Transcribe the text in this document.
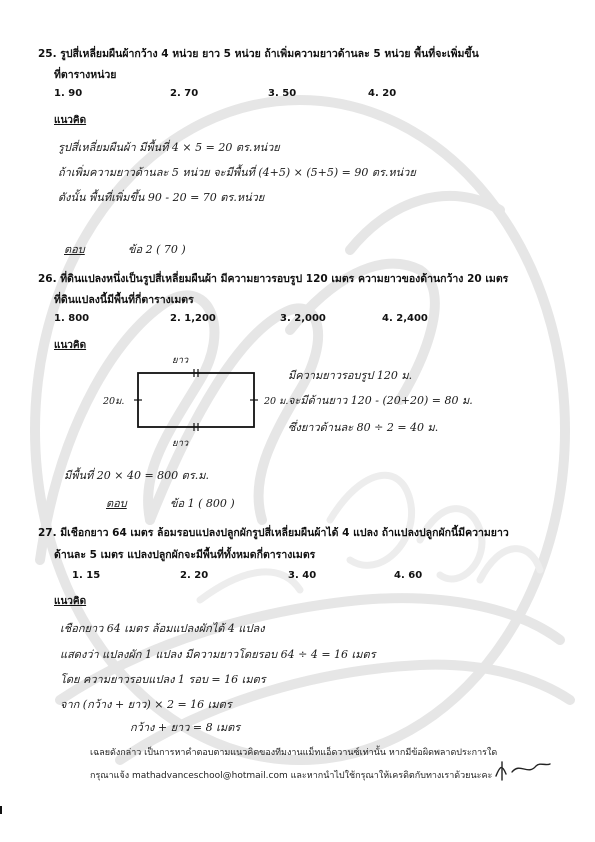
25. รูปสี่เหลี่ยมผืนผ้ากว้าง 4 หน่วย ยาว 5 หน่วย ถ้าเพิ่มความยาวด้านละ 5 หน่วย พื้นที่จะเพิ่มขึ้น
ที่ตารางหน่วย
1. 90	2. 70	3. 50	4. 20
แนวคิด
รูปสี่เหลี่ยมผืนผ้า มีพื้นที่ 4 × 5 = 20 ตร.หน่วย
ถ้าเพิ่มความยาวด้านละ 5 หน่วย จะมีพื้นที่ (4+5) × (5+5) = 90 ตร.หน่วย
ดังนั้น พื้นที่เพิ่มขึ้น 90 - 20 = 70 ตร.หน่วย
ตอบ	ข้อ 2 ( 70 )
26. ที่ดินแปลงหนึ่งเป็นรูปสี่เหลี่ยมผืนผ้า มีความยาวรอบรูป 120 เมตร ความยาวของด้านกว้าง 20 เมตร
ที่ดินแปลงนี้มีพื้นที่กี่ตารางเมตร
1. 800	2. 1,200	3. 2,000	4. 2,400
แนวคิด
ยาว
ยาว
20ม.	20 ม.
มีความยาวรอบรูป 120 ม.
จะมีด้านยาว 120 - (20+20) = 80 ม.
ซึ่งยาวด้านละ 80 ÷ 2 = 40 ม.
มีพื้นที่ 20 × 40 = 800 ตร.ม.
ตอบ	ข้อ 1 ( 800 )
27. มีเชือกยาว 64 เมตร ล้อมรอบแปลงปลูกผักรูปสี่เหลี่ยมผืนผ้าได้ 4 แปลง ถ้าแปลงปลูกผักนี้มีความยาว
ด้านละ 5 เมตร แปลงปลูกผักจะมีพื้นที่ทั้งหมดกี่ตารางเมตร
1. 15	2. 20	3. 40	4. 60
แนวคิด
เชือกยาว 64 เมตร ล้อมแปลงผักได้ 4 แปลง
แสดงว่า แปลงผัก 1 แปลง มีความยาวโดยรอบ 64 ÷ 4 = 16 เมตร
โดย ความยาวรอบแปลง 1 รอบ = 16 เมตร
จาก (กว้าง + ยาว) × 2 = 16 เมตร
กว้าง + ยาว = 8 เมตร
เฉลยดังกล่าว เป็นการหาคำตอบตามแนวคิดของทีมงานแม็ทแอ็ดวานซ์เท่านั้น หากมีข้อผิดพลาดประการใด
กรุณาแจ้ง mathadvanceschool@hotmail.com และหากนำไปใช้กรุณาให้เครดิตกับทางเราด้วยนะคะ
